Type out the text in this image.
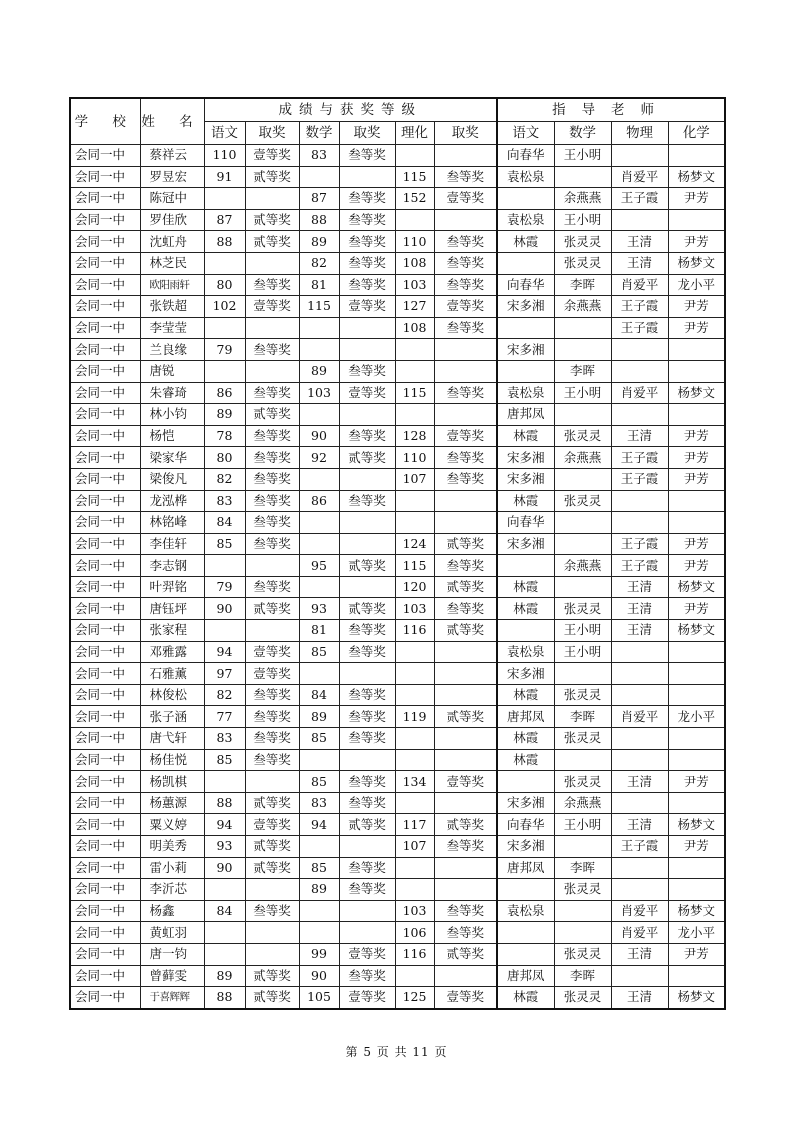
学 校	姓 名	成绩与获奖等级						指导老师			
		语文	取奖	数学	取奖	理化	取奖	语文	数学	物理	化学
会同一中	蔡祥云	110	壹等奖	83	叁等奖			向春华	王小明		
会同一中	罗昱宏	91	贰等奖			115	叁等奖	袁松泉		肖爱平	杨梦文
会同一中	陈冠中			87	叁等奖	152	壹等奖		余燕燕	王子霞	尹芳
会同一中	罗佳欣	87	贰等奖	88	叁等奖			袁松泉	王小明		
会同一中	沈虹舟	88	贰等奖	89	叁等奖	110	叁等奖	林霞	张灵灵	王清	尹芳
会同一中	林芝民			82	叁等奖	108	叁等奖		张灵灵	王清	杨梦文
会同一中	欧阳雨轩	80	叁等奖	81	叁等奖	103	叁等奖	向春华	李晖	肖爱平	龙小平
会同一中	张铁超	102	壹等奖	115	壹等奖	127	壹等奖	宋多湘	余燕燕	王子霞	尹芳
会同一中	李莹莹					108	叁等奖			王子霞	尹芳
会同一中	兰良缘	79	叁等奖					宋多湘			
会同一中	唐锐			89	叁等奖				李晖		
会同一中	朱睿琦	86	叁等奖	103	壹等奖	115	叁等奖	袁松泉	王小明	肖爱平	杨梦文
会同一中	林小钧	89	贰等奖					唐邦凤			
会同一中	杨恺	78	叁等奖	90	叁等奖	128	壹等奖	林霞	张灵灵	王清	尹芳
会同一中	梁家华	80	叁等奖	92	贰等奖	110	叁等奖	宋多湘	余燕燕	王子霞	尹芳
会同一中	梁俊凡	82	叁等奖			107	叁等奖	宋多湘		王子霞	尹芳
会同一中	龙泓桦	83	叁等奖	86	叁等奖			林霞	张灵灵		
会同一中	林铭峰	84	叁等奖					向春华			
会同一中	李佳轩	85	叁等奖			124	贰等奖	宋多湘		王子霞	尹芳
会同一中	李志钢			95	贰等奖	115	叁等奖		余燕燕	王子霞	尹芳
会同一中	叶羿铭	79	叁等奖			120	贰等奖	林霞		王清	杨梦文
会同一中	唐钰坪	90	贰等奖	93	贰等奖	103	叁等奖	林霞	张灵灵	王清	尹芳
会同一中	张家程			81	叁等奖	116	贰等奖		王小明	王清	杨梦文
会同一中	邓雅露	94	壹等奖	85	叁等奖			袁松泉	王小明		
会同一中	石雅薰	97	壹等奖					宋多湘			
会同一中	林俊松	82	叁等奖	84	叁等奖			林霞	张灵灵		
会同一中	张子涵	77	叁等奖	89	叁等奖	119	贰等奖	唐邦凤	李晖	肖爱平	龙小平
会同一中	唐弋轩	83	叁等奖	85	叁等奖			林霞	张灵灵		
会同一中	杨佳悦	85	叁等奖					林霞			
会同一中	杨凯棋			85	叁等奖	134	壹等奖		张灵灵	王清	尹芳
会同一中	杨蕙源	88	贰等奖	83	叁等奖			宋多湘	余燕燕		
会同一中	粟义婷	94	壹等奖	94	贰等奖	117	贰等奖	向春华	王小明	王清	杨梦文
会同一中	明美秀	93	贰等奖			107	叁等奖	宋多湘		王子霞	尹芳
会同一中	雷小莉	90	贰等奖	85	叁等奖			唐邦凤	李晖		
会同一中	李沂芯			89	叁等奖				张灵灵		
会同一中	杨鑫	84	叁等奖			103	叁等奖	袁松泉		肖爱平	杨梦文
会同一中	黄虹羽					106	叁等奖			肖爱平	龙小平
会同一中	唐一钧			99	壹等奖	116	贰等奖		张灵灵	王清	尹芳
会同一中	曾藓雯	89	贰等奖	90	叁等奖			唐邦凤	李晖		
会同一中	于喜辉辉	88	贰等奖	105	壹等奖	125	壹等奖	林霞	张灵灵	王清	杨梦文
第 5 页 共 11 页
